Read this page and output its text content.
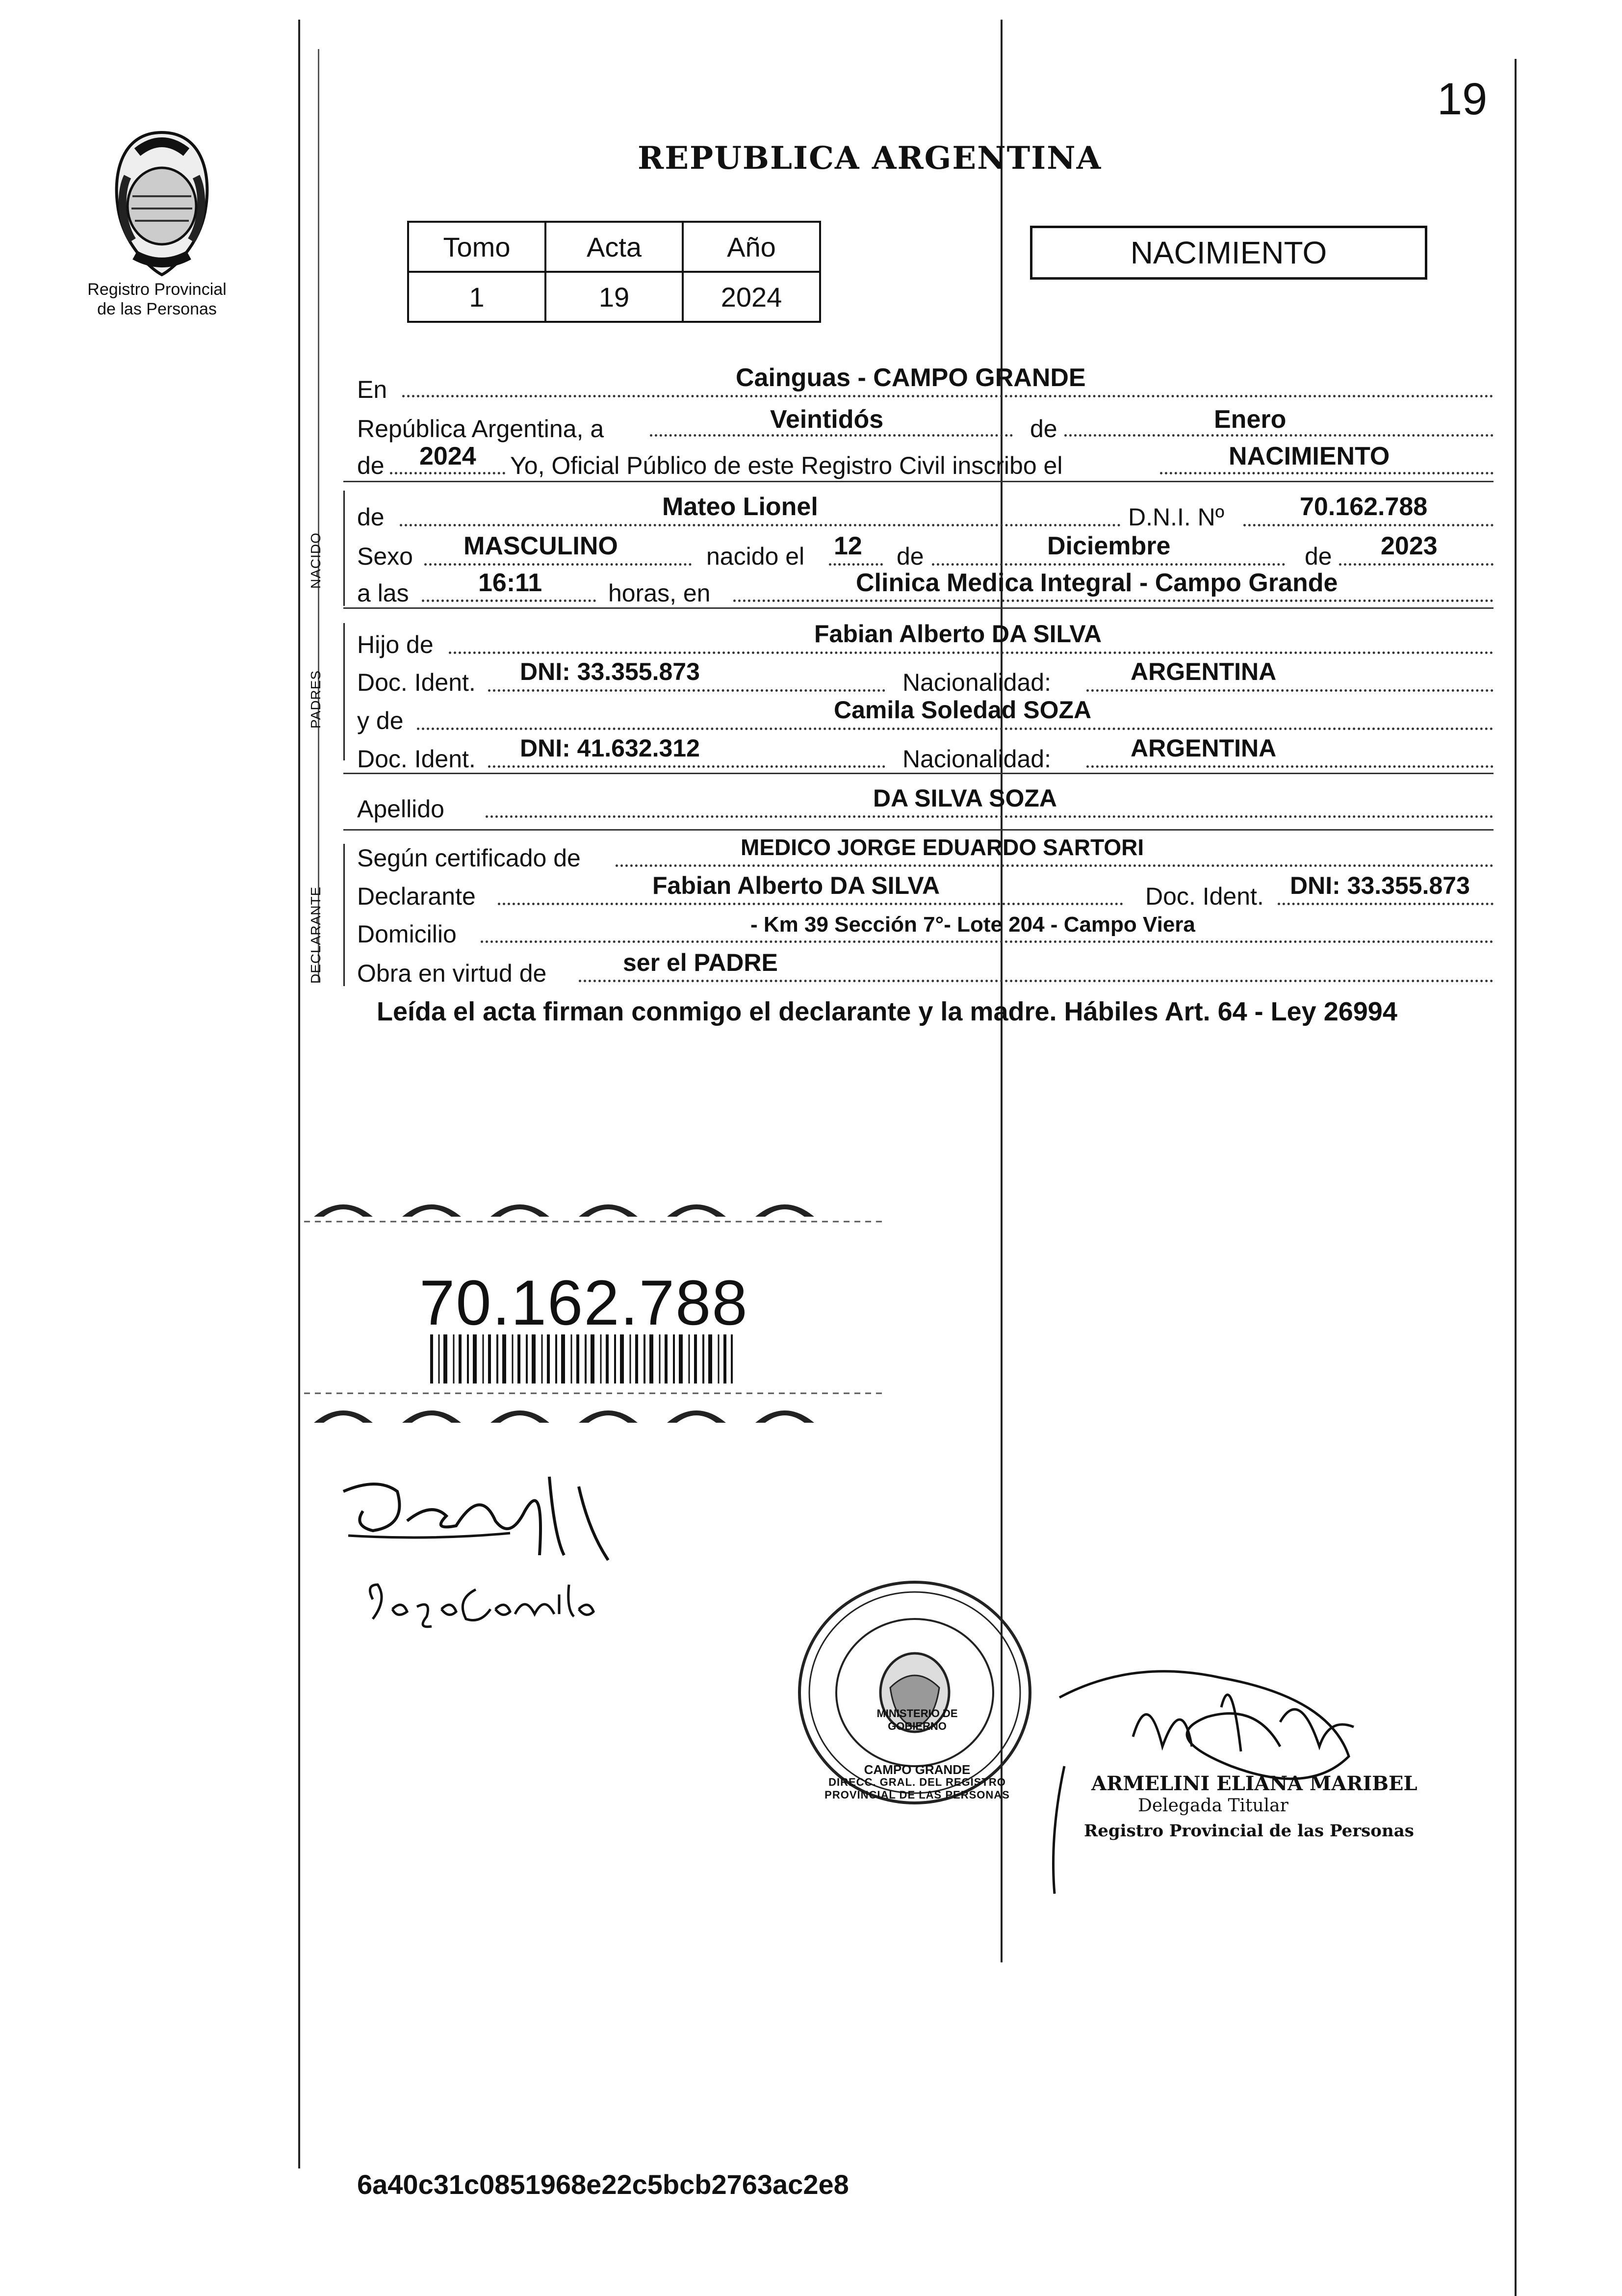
19
REPUBLICA ARGENTINA
Registro Provincial
de las Personas
Tomo	Acta	Año
1	19	2024
NACIMIENTO
En	Cainguas - CAMPO GRANDE
República Argentina, a	Veintidós	de	Enero
de 2024 Yo, Oficial Público de este Registro Civil inscribo el	NACIMIENTO
NACIDO
de	Mateo Lionel	D.N.I. Nº	70.162.788
Sexo MASCULINO	nacido el 12 de	Diciembre	de 2023
a las	16:11	horas, en	Clinica Medica Integral - Campo Grande
PADRES
Hijo de	Fabian Alberto DA SILVA
Doc. Ident. DNI: 33.355.873	Nacionalidad:	ARGENTINA
y de	Camila Soledad SOZA
Doc. Ident. DNI: 41.632.312	Nacionalidad:	ARGENTINA
Apellido	DA SILVA SOZA
DECLARANTE
Según certificado de	MEDICO JORGE EDUARDO SARTORI
Declarante	Fabian Alberto DA SILVA	Doc. Ident. DNI: 33.355.873
Domicilio	- Km 39 Sección 7°- Lote 204 - Campo Viera
Obra en virtud de	ser el PADRE
Leída el acta firman conmigo el declarante y la madre. Hábiles Art. 64 - Ley 26994
70.162.788
MINISTERIO DE GOBIERNO
CAMPO GRANDE
DIRECC. GRAL. DEL REGISTRO PROVINCIAL DE LAS PERSONAS	ARMELINI ELIANA MARIBEL
Delegada Titular
Registro Provincial de las Personas
6a40c31c0851968e22c5bcb2763ac2e8
